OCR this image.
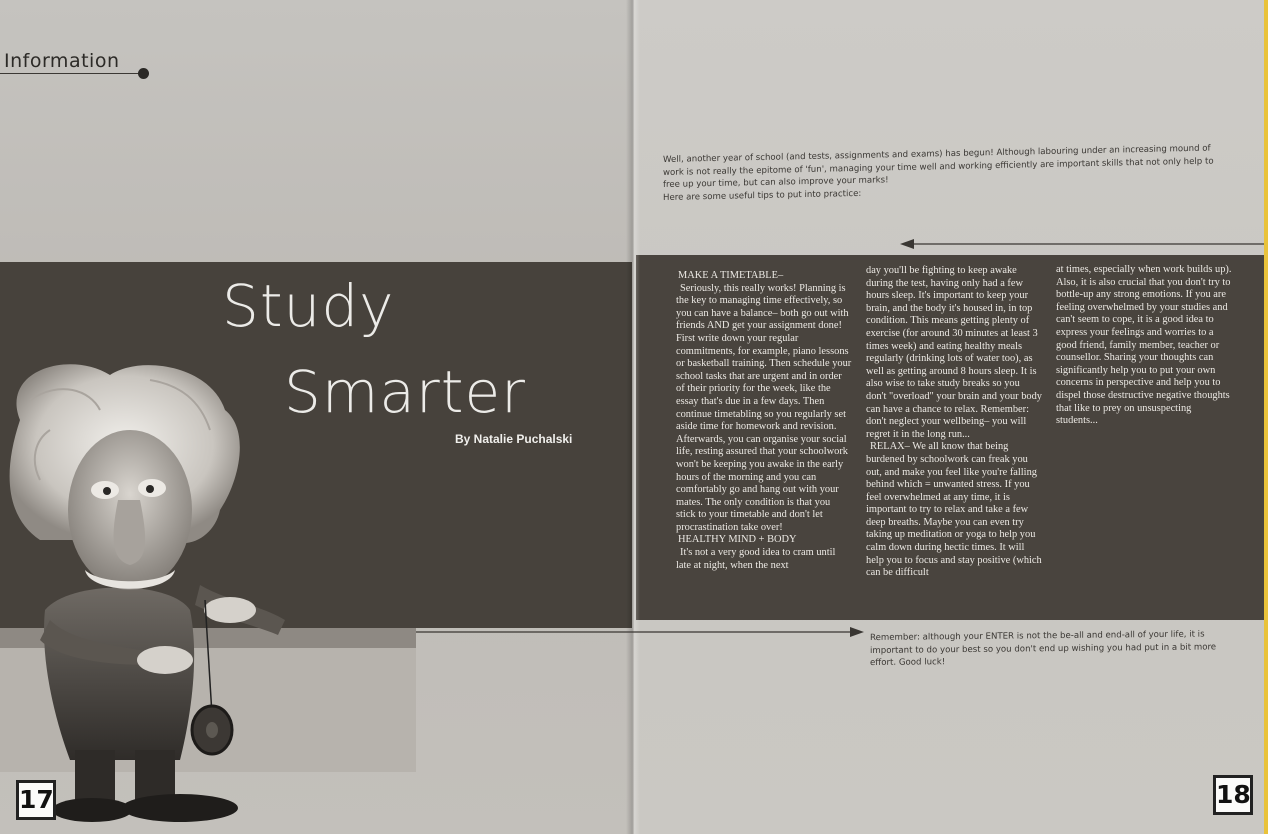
Information
Study
Smarter
By Natalie Puchalski

Well, another year of school (and tests, assignments and exams) has begun! Although labouring under an increasing mound of work is not really the epitome of 'fun', managing your time well and working efficiently are important skills that not only help to free up your time, but can also improve your marks!

Here are some useful tips to put into practice:

MAKE A TIMETABLE–

Seriously, this really works! Planning is the key to managing time effectively, so you can have a balance– both go out with friends AND get your assignment done! First write down your regular commitments, for example, piano lessons or basketball training. Then schedule your school tasks that are urgent and in order of their priority for the week, like the essay that's due in a few days. Then continue timetabling so you regularly set aside time for homework and revision. Afterwards, you can organise your social life, resting assured that your schoolwork won't be keeping you awake in the early hours of the morning and you can comfortably go and hang out with your mates. The only condition is that you stick to your timetable and don't let procrastination take over!

HEALTHY MIND + BODY

It's not a very good idea to cram until late at night, when the next

day you'll be fighting to keep awake during the test, having only had a few hours sleep. It's important to keep your brain, and the body it's housed in, in top condition. This means getting plenty of exercise (for around 30 minutes at least 3 times week) and eating healthy meals regularly (drinking lots of water too), as well as getting around 8 hours sleep. It is also wise to take study breaks so you don't "overload" your brain and your body can have a chance to relax. Remember: don't neglect your wellbeing– you will regret it in the long run...

RELAX– We all know that being burdened by schoolwork can freak you out, and make you feel like you're falling behind which = unwanted stress. If you feel overwhelmed at any time, it is important to try to relax and take a few deep breaths. Maybe you can even try taking up meditation or yoga to help you calm down during hectic times. It will help you to focus and stay positive (which can be difficult

at times, especially when work builds up). Also, it is also crucial that you don't try to bottle-up any strong emotions. If you are feeling overwhelmed by your studies and can't seem to cope, it is a good idea to express your feelings and worries to a good friend, family member, teacher or counsellor. Sharing your thoughts can significantly help you to put your own concerns in perspective and help you to dispel those destructive negative thoughts that like to prey on unsuspecting students...

Remember: although your ENTER is not the be-all and end-all of your life, it is important to do your best so you don't end up wishing you had put in a bit more effort. Good luck!
17	18
